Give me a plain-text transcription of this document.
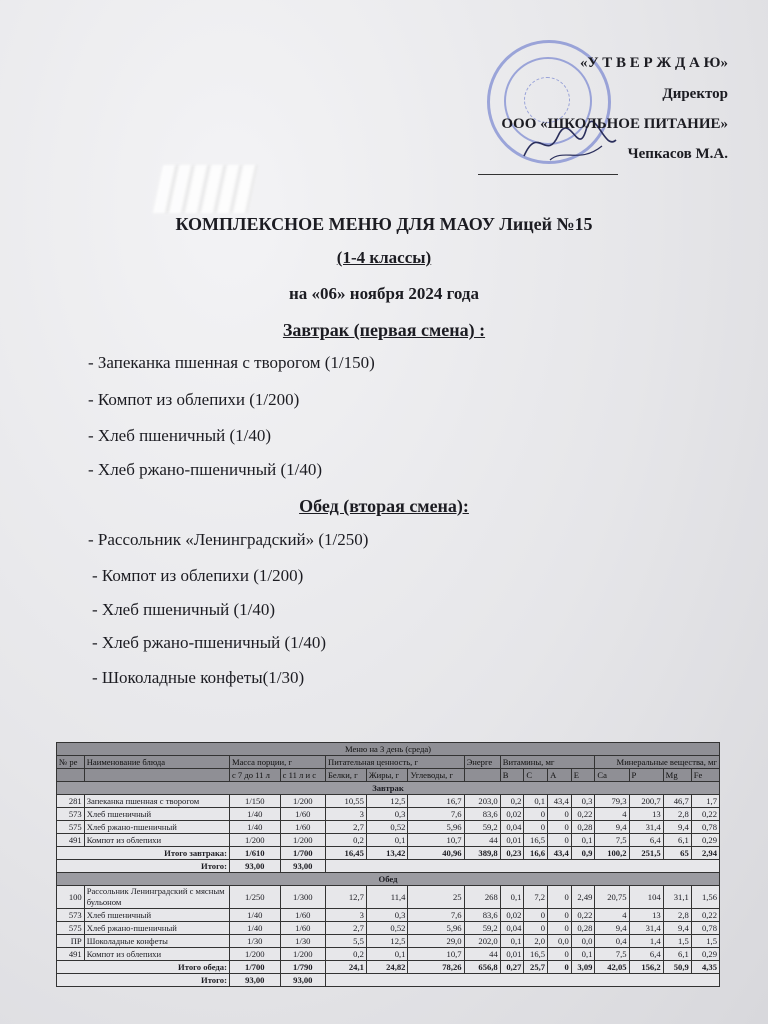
«У Т В Е Р Ж Д А Ю»
Директор
ООО «ШКОЛЬНОЕ ПИТАНИЕ»
Чепкасов М.А.
КОМПЛЕКСНОЕ МЕНЮ ДЛЯ МАОУ Лицей №15
(1-4 классы)
на «06» ноября 2024 года
Завтрак (первая смена) :
- Запеканка пшенная с творогом (1/150)
- Компот из облепихи (1/200)
- Хлеб пшеничный (1/40)
- Хлеб ржано-пшеничный (1/40)
Обед (вторая смена):
- Рассольник «Ленинградский» (1/250)
- Компот из облепихи (1/200)
- Хлеб пшеничный (1/40)
- Хлеб ржано-пшеничный (1/40)
- Шоколадные конфеты(1/30)
Меню на 3 день (среда)															
№ ре	Наименование блюда	Масса порции, г		Питательная ценность, г			Энерге	Витамины, мг				Минеральные вещества, мг			
		с 7 до 11 л	с 11 л и с	Белки, г	Жиры, г	Углеводы, г		B	C	A	E	Ca	P	Mg	Fe
Завтрак															
281	Запеканка пшенная с творогом	1/150	1/200	10,55	12,5	16,7	203,0	0,2	0,1	43,4	0,3	79,3	200,7	46,7	1,7
573	Хлеб пшеничный	1/40	1/60	3	0,3	7,6	83,6	0,02	0	0	0,22	4	13	2,8	0,22
575	Хлеб ржано-пшеничный	1/40	1/60	2,7	0,52	5,96	59,2	0,04	0	0	0,28	9,4	31,4	9,4	0,78
491	Компот из облепихи	1/200	1/200	0,2	0,1	10,7	44	0,01	16,5	0	0,1	7,5	6,4	6,1	0,29
Итого завтрака:		1/610	1/700	16,45	13,42	40,96	389,8	0,23	16,6	43,4	0,9	100,2	251,5	65	2,94
Итого:		93,00	93,00												
Обед															
100	Рассольник Ленинградский с мясным бульоном	1/250	1/300	12,7	11,4	25	268	0,1	7,2	0	2,49	20,75	104	31,1	1,56
573	Хлеб пшеничный	1/40	1/60	3	0,3	7,6	83,6	0,02	0	0	0,22	4	13	2,8	0,22
575	Хлеб ржано-пшеничный	1/40	1/60	2,7	0,52	5,96	59,2	0,04	0	0	0,28	9,4	31,4	9,4	0,78
ПР	Шоколадные конфеты	1/30	1/30	5,5	12,5	29,0	202,0	0,1	2,0	0,0	0,0	0,4	1,4	1,5	1,5
491	Компот из облепихи	1/200	1/200	0,2	0,1	10,7	44	0,01	16,5	0	0,1	7,5	6,4	6,1	0,29
Итого обеда:		1/700	1/790	24,1	24,82	78,26	656,8	0,27	25,7	0	3,09	42,05	156,2	50,9	4,35
Итого:		93,00	93,00												
